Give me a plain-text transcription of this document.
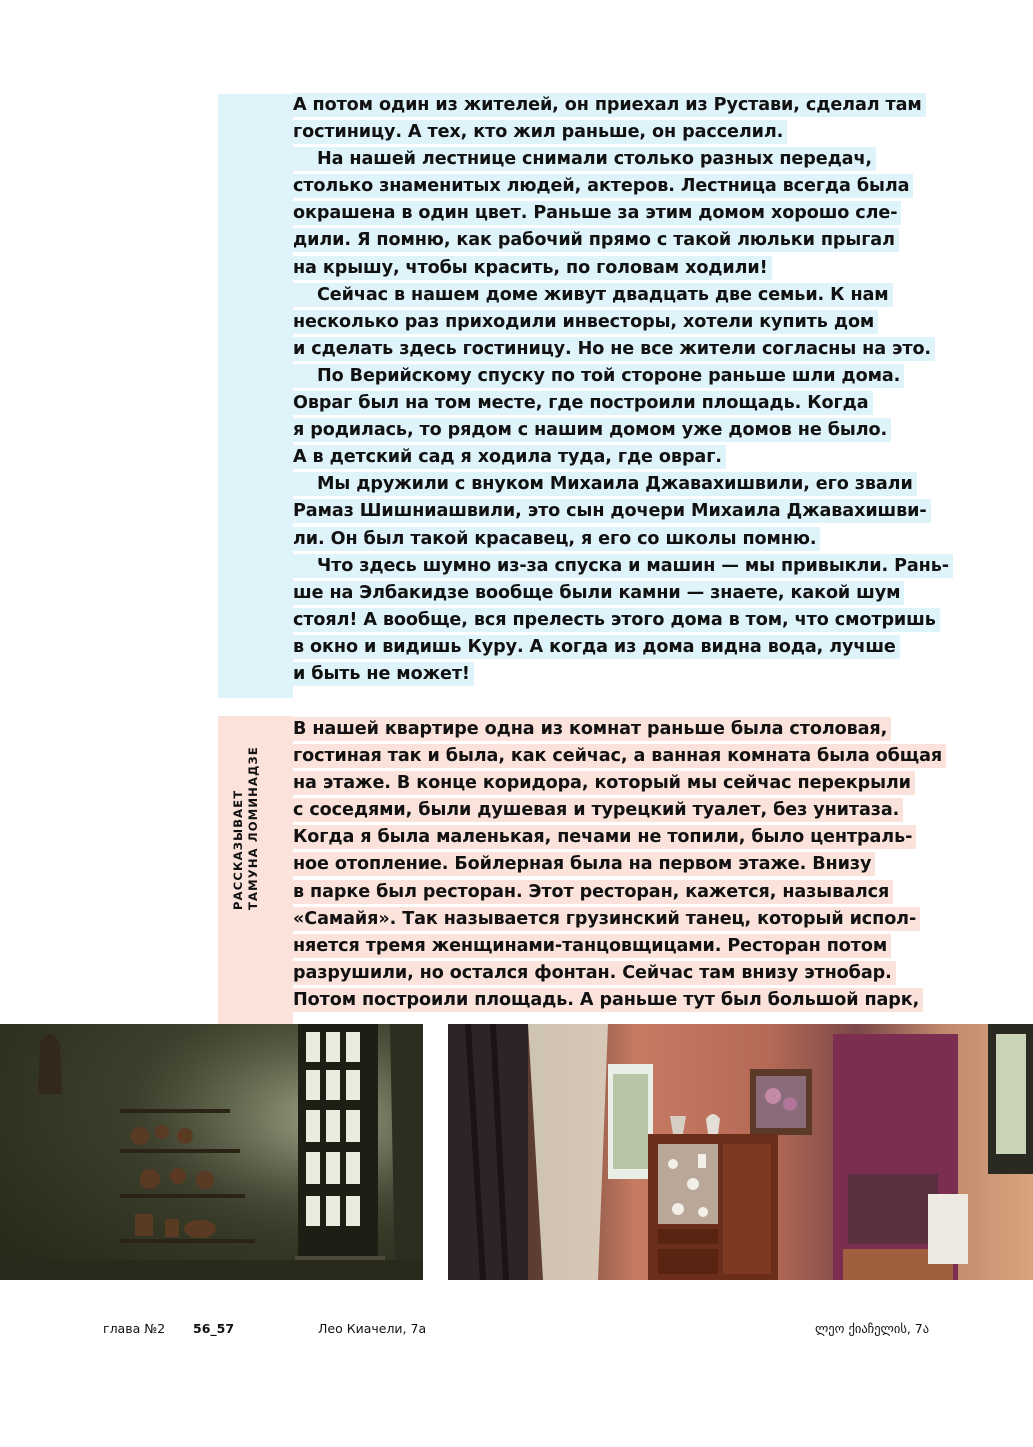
А потом один из жителей, он приехал из Рустави, сделал там
гостиницу. А тех, кто жил раньше, он расселил.
На нашей лестнице снимали столько разных передач,
столько знаменитых людей, актеров. Лестница всегда была
окрашена в один цвет. Раньше за этим домом хорошо сле-
дили. Я помню, как рабочий прямо с такой люльки прыгал
на крышу, чтобы красить, по головам ходили!
Сейчас в нашем доме живут двадцать две семьи. К нам
несколько раз приходили инвесторы, хотели купить дом
и сделать здесь гостиницу. Но не все жители согласны на это.
По Верийскому спуску по той стороне раньше шли дома.
Овраг был на том месте, где построили площадь. Когда
я родилась, то рядом с нашим домом уже домов не было.
А в детский сад я ходила туда, где овраг.
Мы дружили с внуком Михаила Джавахишвили, его звали
Рамаз Шишниашвили, это сын дочери Михаила Джавахишви-
ли. Он был такой красавец, я его со школы помню.
Что здесь шумно из-за спуска и машин — мы привыкли. Рань-
ше на Элбакидзе вообще были камни — знаете, какой шум
стоял! А вообще, вся прелесть этого дома в том, что смотришь
в окно и видишь Куру. А когда из дома видна вода, лучше
и быть не может!
РАССКАЗЫВАЕТ ТАМУНА ЛОМИНАДЗЕ
В нашей квартире одна из комнат раньше была столовая,
гостиная так и была, как сейчас, а ванная комната была общая
на этаже. В конце коридора, который мы сейчас перекрыли
с соседями, были душевая и турецкий туалет, без унитаза.
Когда я была маленькая, печами не топили, было централь-
ное отопление. Бойлерная была на первом этаже. Внизу
в парке был ресторан. Этот ресторан, кажется, назывался
«Самайя». Так называется грузинский танец, который испол-
няется тремя женщинами-танцовщицами. Ресторан потом
разрушили, но остался фонтан. Сейчас там внизу этнобар.
Потом построили площадь. А раньше тут был большой парк,
глава №2 56_57	Лео Киачели, 7а	ლეო ქიაჩელის, 7ა
